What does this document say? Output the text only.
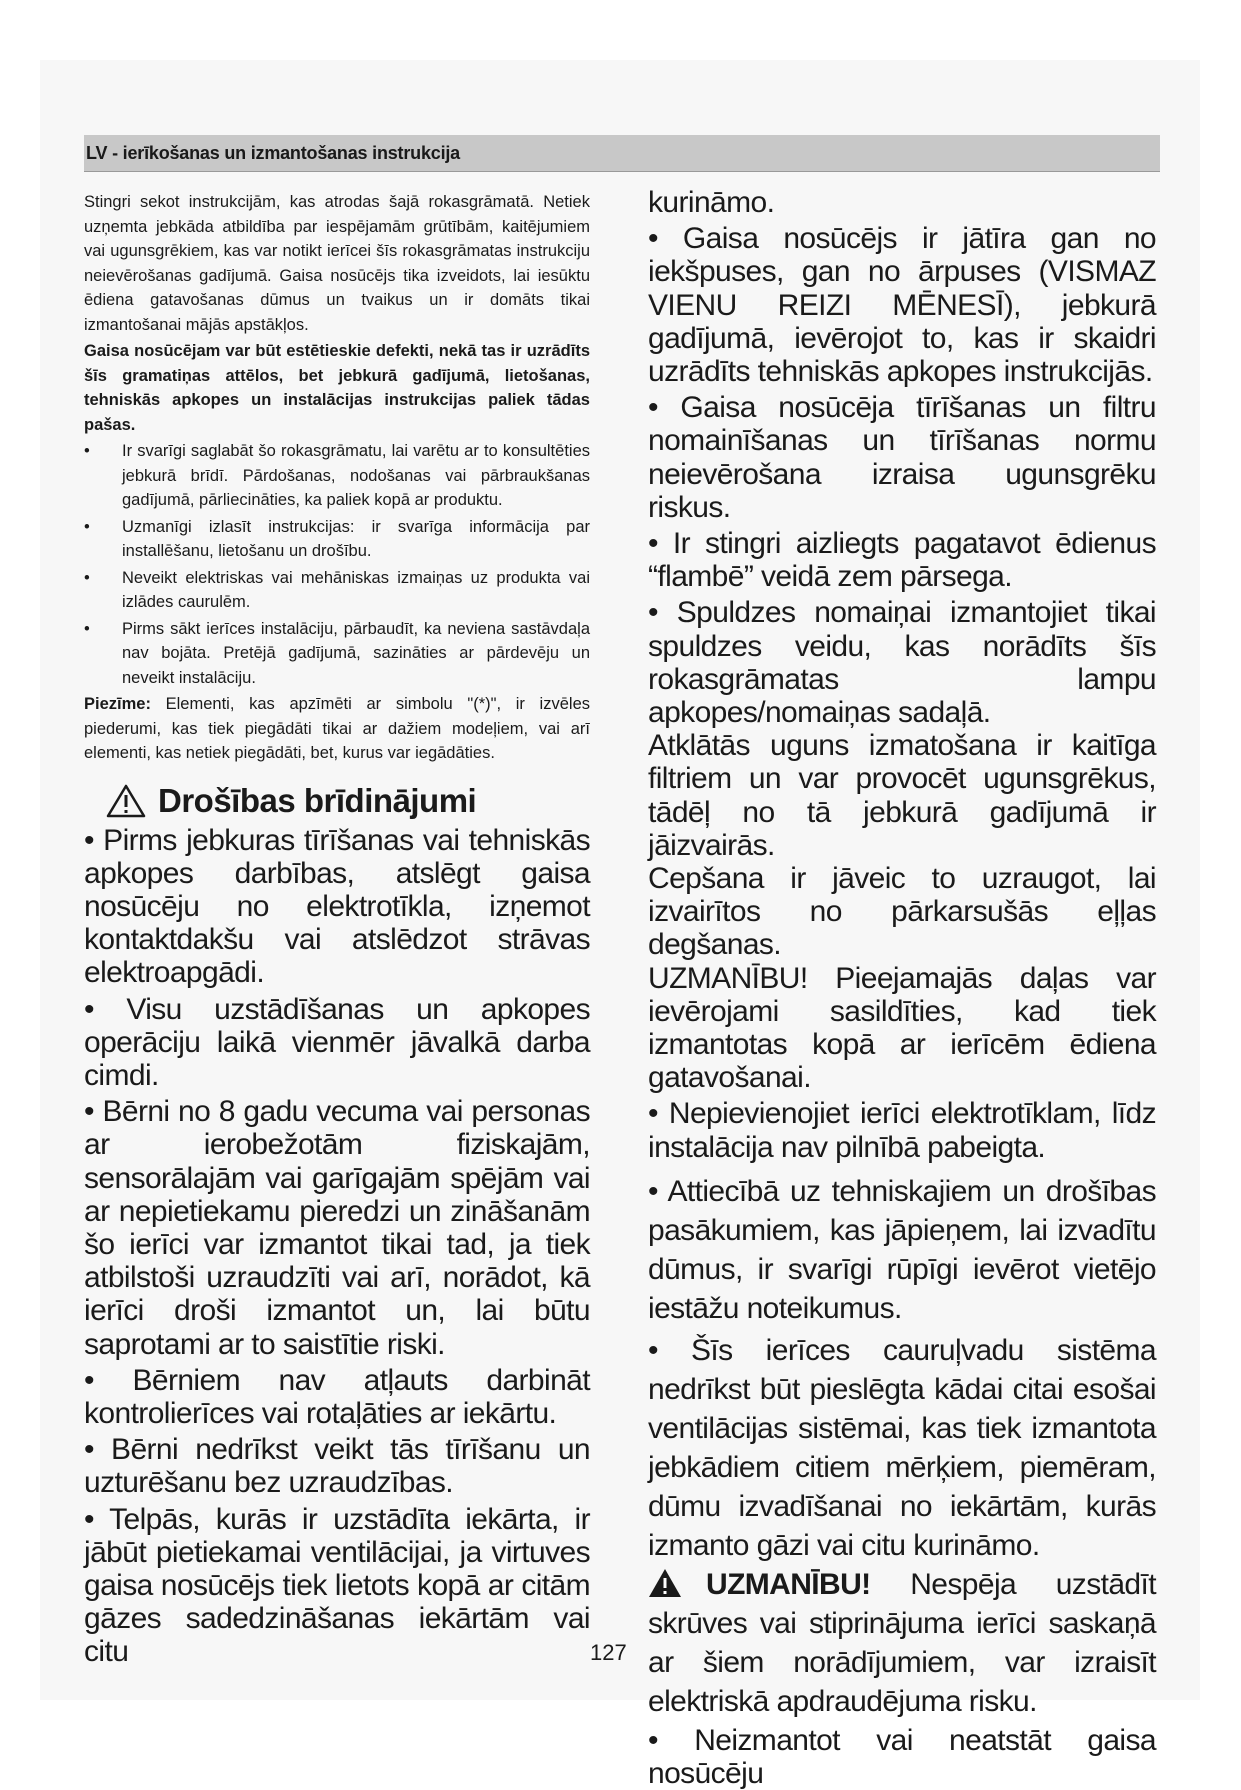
LV - ierīkošanas un izmantošanas instrukcija

Stingri sekot instrukcijām, kas atrodas šajā rokasgrāmatā. Netiek uzņemta jebkāda atbildība par iespējamām grūtībām, kaitējumiem vai ugunsgrēkiem, kas var notikt ierīcei šīs rokasgrāmatas instrukciju neievērošanas gadījumā. Gaisa nosūcējs tika izveidots, lai iesūktu ēdiena gatavošanas dūmus un tvaikus un ir domāts tikai izmantošanai mājās apstākļos.

Gaisa nosūcējam var būt estētieskie defekti, nekā tas ir uzrādīts šīs gramatiņas attēlos, bet jebkurā gadījumā, lietošanas, tehniskās apkopes un instalācijas instrukcijas paliek tādas pašas.

• Ir svarīgi saglabāt šo rokasgrāmatu, lai varētu ar to konsultēties jebkurā brīdī. Pārdošanas, nodošanas vai pārbraukšanas gadījumā, pārliecināties, ka paliek kopā ar produktu.
• Uzmanīgi izlasīt instrukcijas: ir svarīga informācija par installēšanu, lietošanu un drošību.
• Neveikt elektriskas vai mehāniskas izmaiņas uz produkta vai izlādes caurulēm.
• Pirms sākt ierīces instalāciju, pārbaudīt, ka neviena sastāvdaļa nav bojāta. Pretējā gadījumā, sazināties ar pārdevēju un neveikt instalāciju.

Piezīme: Elementi, kas apzīmēti ar simbolu "(*)", ir izvēles piederumi, kas tiek piegādāti tikai ar dažiem modeļiem, vai arī elementi, kas netiek piegādāti, bet, kurus var iegādāties.

Drošības brīdinājumi

• Pirms jebkuras tīrīšanas vai tehniskās apkopes darbības, atslēgt gaisa nosūcēju no elektrotīkla, izņemot kontaktdakšu vai atslēdzot strāvas elektroapgādi.

• Visu uzstādīšanas un apkopes operāciju laikā vienmēr jāvalkā darba cimdi.

• Bērni no 8 gadu vecuma vai personas ar ierobežotām fiziskajām, sensorālajām vai garīgajām spējām vai ar nepietiekamu pieredzi un zināšanām šo ierīci var izmantot tikai tad, ja tiek atbilstoši uzraudzīti vai arī, norādot, kā ierīci droši izmantot un, lai būtu saprotami ar to saistītie riski.

• Bērniem nav atļauts darbināt kontrolierīces vai rotaļāties ar iekārtu.

• Bērni nedrīkst veikt tās tīrīšanu un uzturēšanu bez uzraudzības.

• Telpās, kurās ir uzstādīta iekārta, ir jābūt pietiekamai ventilācijai, ja virtuves gaisa nosūcējs tiek lietots kopā ar citām gāzes sadedzināšanas iekārtām vai citu

kurināmo.

• Gaisa nosūcējs ir jātīra gan no iekšpuses, gan no ārpuses (VISMAZ VIENU REIZI MĒNESĪ), jebkurā gadījumā, ievērojot to, kas ir skaidri uzrādīts tehniskās apkopes instrukcijās.

• Gaisa nosūcēja tīrīšanas un filtru nomainīšanas un tīrīšanas normu neievērošana izraisa ugunsgrēku riskus.

• Ir stingri aizliegts pagatavot ēdienus “flambē” veidā zem pārsega.

• Spuldzes nomaiņai izmantojiet tikai spuldzes veidu, kas norādīts šīs rokasgrāmatas lampu apkopes/nomaiņas sadaļā.

Atklātās uguns izmatošana ir kaitīga filtriem un var provocēt ugunsgrēkus, tādēļ no tā jebkurā gadījumā ir jāizvairās.

Cepšana ir jāveic to uzraugot, lai izvairītos no pārkarsušās eļļas degšanas.

UZMANĪBU! Pieejamajās daļas var ievērojami sasildīties, kad tiek izmantotas kopā ar ierīcēm ēdiena gatavošanai.

• Nepievienojiet ierīci elektrotīklam, līdz instalācija nav pilnībā pabeigta.

• Attiecībā uz tehniskajiem un drošības pasākumiem, kas jāpieņem, lai izvadītu dūmus, ir svarīgi rūpīgi ievērot vietējo iestāžu noteikumus.

• Šīs ierīces cauruļvadu sistēma nedrīkst būt pieslēgta kādai citai esošai ventilācijas sistēmai, kas tiek izmantota jebkādiem citiem mērķiem, piemēram, dūmu izvadīšanai no iekārtām, kurās izmanto gāzi vai citu kurināmo.

UZMANĪBU! Nespēja uzstādīt skrūves vai stiprinājuma ierīci saskaņā ar šiem norādījumiem, var izraisīt elektriskā apdraudējuma risku.

• Neizmantot vai neatstāt gaisa nosūcēju

127
